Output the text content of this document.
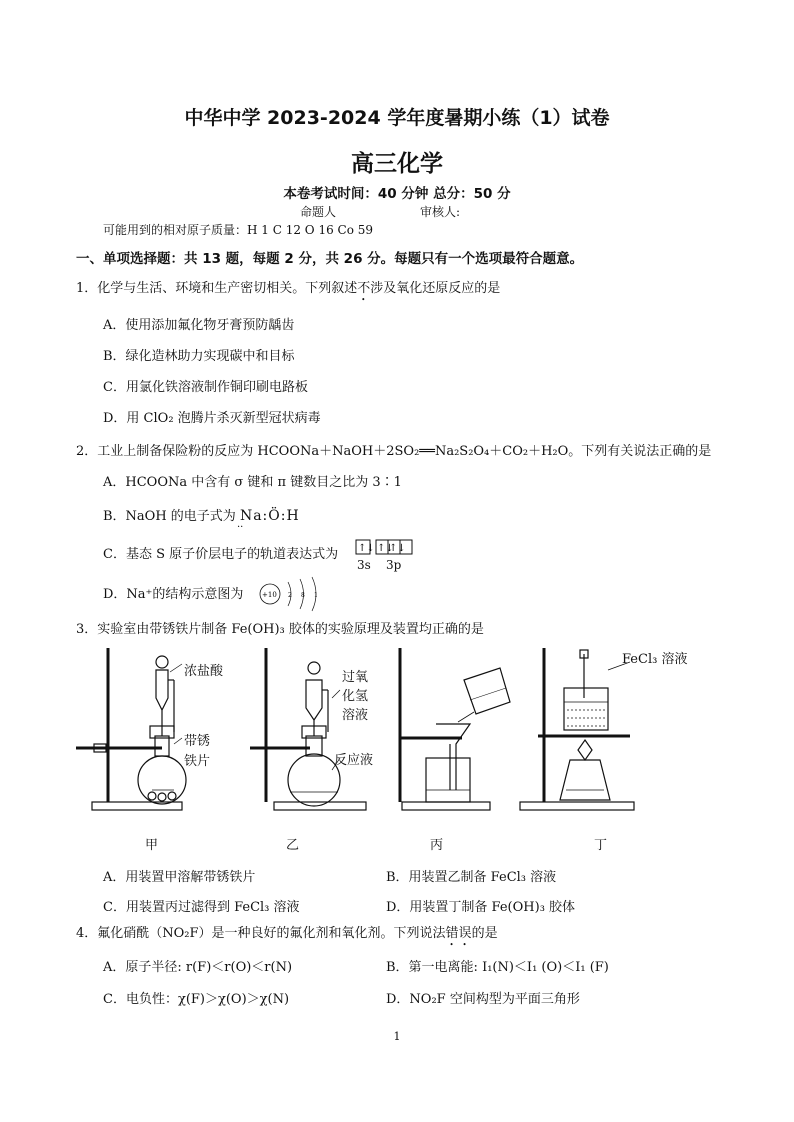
中华中学 2023-2024 学年度暑期小练（1）试卷
高三化学
本卷考试时间：40 分钟 总分：50 分
命题人	审核人:
可能用到的相对原子质量：H 1 C 12 O 16 Co 59
一、单项选择题：共 13 题，每题 2 分，共 26 分。每题只有一个选项最符合题意。
1．化学与生活、环境和生产密切相关。下列叙述不涉及氧化还原反应的是
A．使用添加氟化物牙膏预防龋齿
B．绿化造林助力实现碳中和目标
C．用氯化铁溶液制作铜印刷电路板
D．用 ClO₂ 泡腾片杀灭新型冠状病毒
2．工业上制备保险粉的反应为 HCOONa＋NaOH＋2SO₂══Na₂S₂O₄＋CO₂＋H₂O。下列有关说法正确的是
A．HCOONa 中含有 σ 键和 π 键数目之比为 3∶1
B．NaOH 的电子式为 Na:Ö:H
··
C．基态 S 原子价层电子的轨道表达式为 ↑↓ ↑↓
↑↓
3s 3p
D．Na⁺的结构示意图为	+10 2 8 1
3．实验室由带锈铁片制备 Fe(OH)₃ 胶体的实验原理及装置均正确的是
浓盐酸
带锈
铁片
过氧
化氢
溶液
反应液
FeCl₃ 溶液
甲	乙	丙	丁
A．用装置甲溶解带锈铁片	B．用装置乙制备 FeCl₃ 溶液
C．用装置丙过滤得到 FeCl₃ 溶液	D．用装置丁制备 Fe(OH)₃ 胶体
4．氟化硝酰（NO₂F）是一种良好的氟化剂和氧化剂。下列说法错误的是
A．原子半径: r(F)＜r(O)＜r(N)	B．第一电离能: I₁(N)＜I₁ (O)＜I₁ (F)
C．电负性：χ(F)＞χ(O)＞χ(N)	D．NO₂F 空间构型为平面三角形
1
